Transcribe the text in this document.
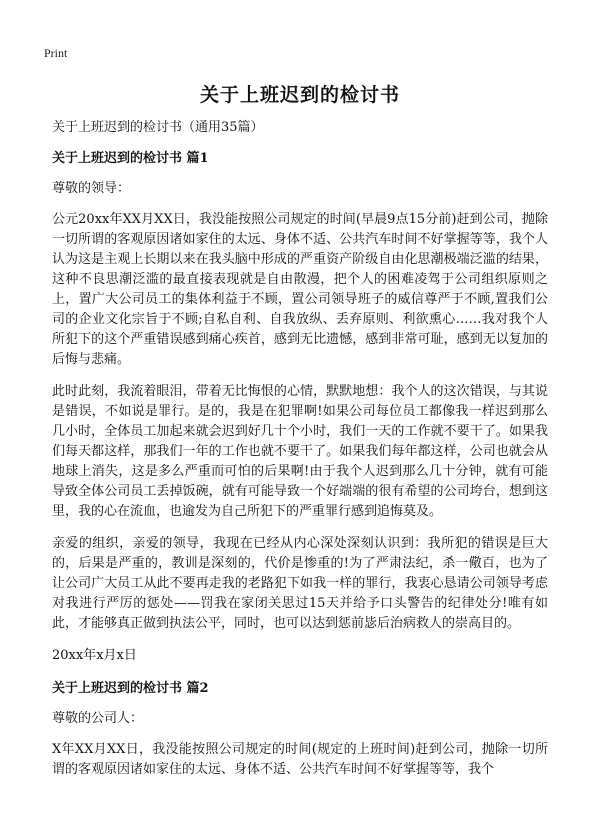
Print
关于上班迟到的检讨书

关于上班迟到的检讨书（通用35篇）

关于上班迟到的检讨书 篇1

尊敬的领导：

公元20xx年XX月XX日，我没能按照公司规定的时间(早晨9点15分前)赶到公司，抛除一切所谓的客观原因诸如家住的太远、身体不适、公共汽车时间不好掌握等等，我个人认为这是主观上长期以来在我头脑中形成的严重资产阶级自由化思潮极端泛滥的结果，这种不良思潮泛滥的最直接表现就是自由散漫，把个人的困难凌驾于公司组织原则之上，置广大公司员工的集体利益于不顾，置公司领导班子的威信尊严于不顾,置我们公司的企业文化宗旨于不顾;自私自利、自我放纵、丢弃原则、利欲熏心……我对我个人所犯下的这个严重错误感到痛心疾首，感到无比遗憾，感到非常可耻，感到无以复加的后悔与悲痛。

此时此刻，我流着眼泪，带着无比悔恨的心情，默默地想：我个人的这次错误，与其说是错误，不如说是罪行。是的，我是在犯罪啊!如果公司每位员工都像我一样迟到那么几小时，全体员工加起来就会迟到好几十个小时，我们一天的工作就不要干了。如果我们每天都这样，那我们一年的工作也就不要干了。如果我们每年都这样，公司也就会从地球上消失，这是多么严重而可怕的后果啊!由于我个人迟到那么几十分钟，就有可能导致全体公司员工丢掉饭碗，就有可能导致一个好端端的很有希望的公司垮台，想到这里，我的心在流血，也逾发为自己所犯下的严重罪行感到追悔莫及。

亲爱的组织，亲爱的领导，我现在已经从内心深处深刻认识到：我所犯的错误是巨大的，后果是严重的，教训是深刻的，代价是惨重的!为了严肃法纪，杀一儆百，也为了让公司广大员工从此不要再走我的老路犯下如我一样的罪行，我衷心恳请公司领导考虑对我进行严厉的惩处——罚我在家闭关思过15天并给予口头警告的纪律处分!唯有如此，才能够真正做到执法公平，同时，也可以达到惩前毖后治病救人的崇高目的。

20xx年x月x日

关于上班迟到的检讨书 篇2

尊敬的公司人：

X年XX月XX日，我没能按照公司规定的时间(规定的上班时间)赶到公司，抛除一切所谓的客观原因诸如家住的太远、身体不适、公共汽车时间不好掌握等等，我个
